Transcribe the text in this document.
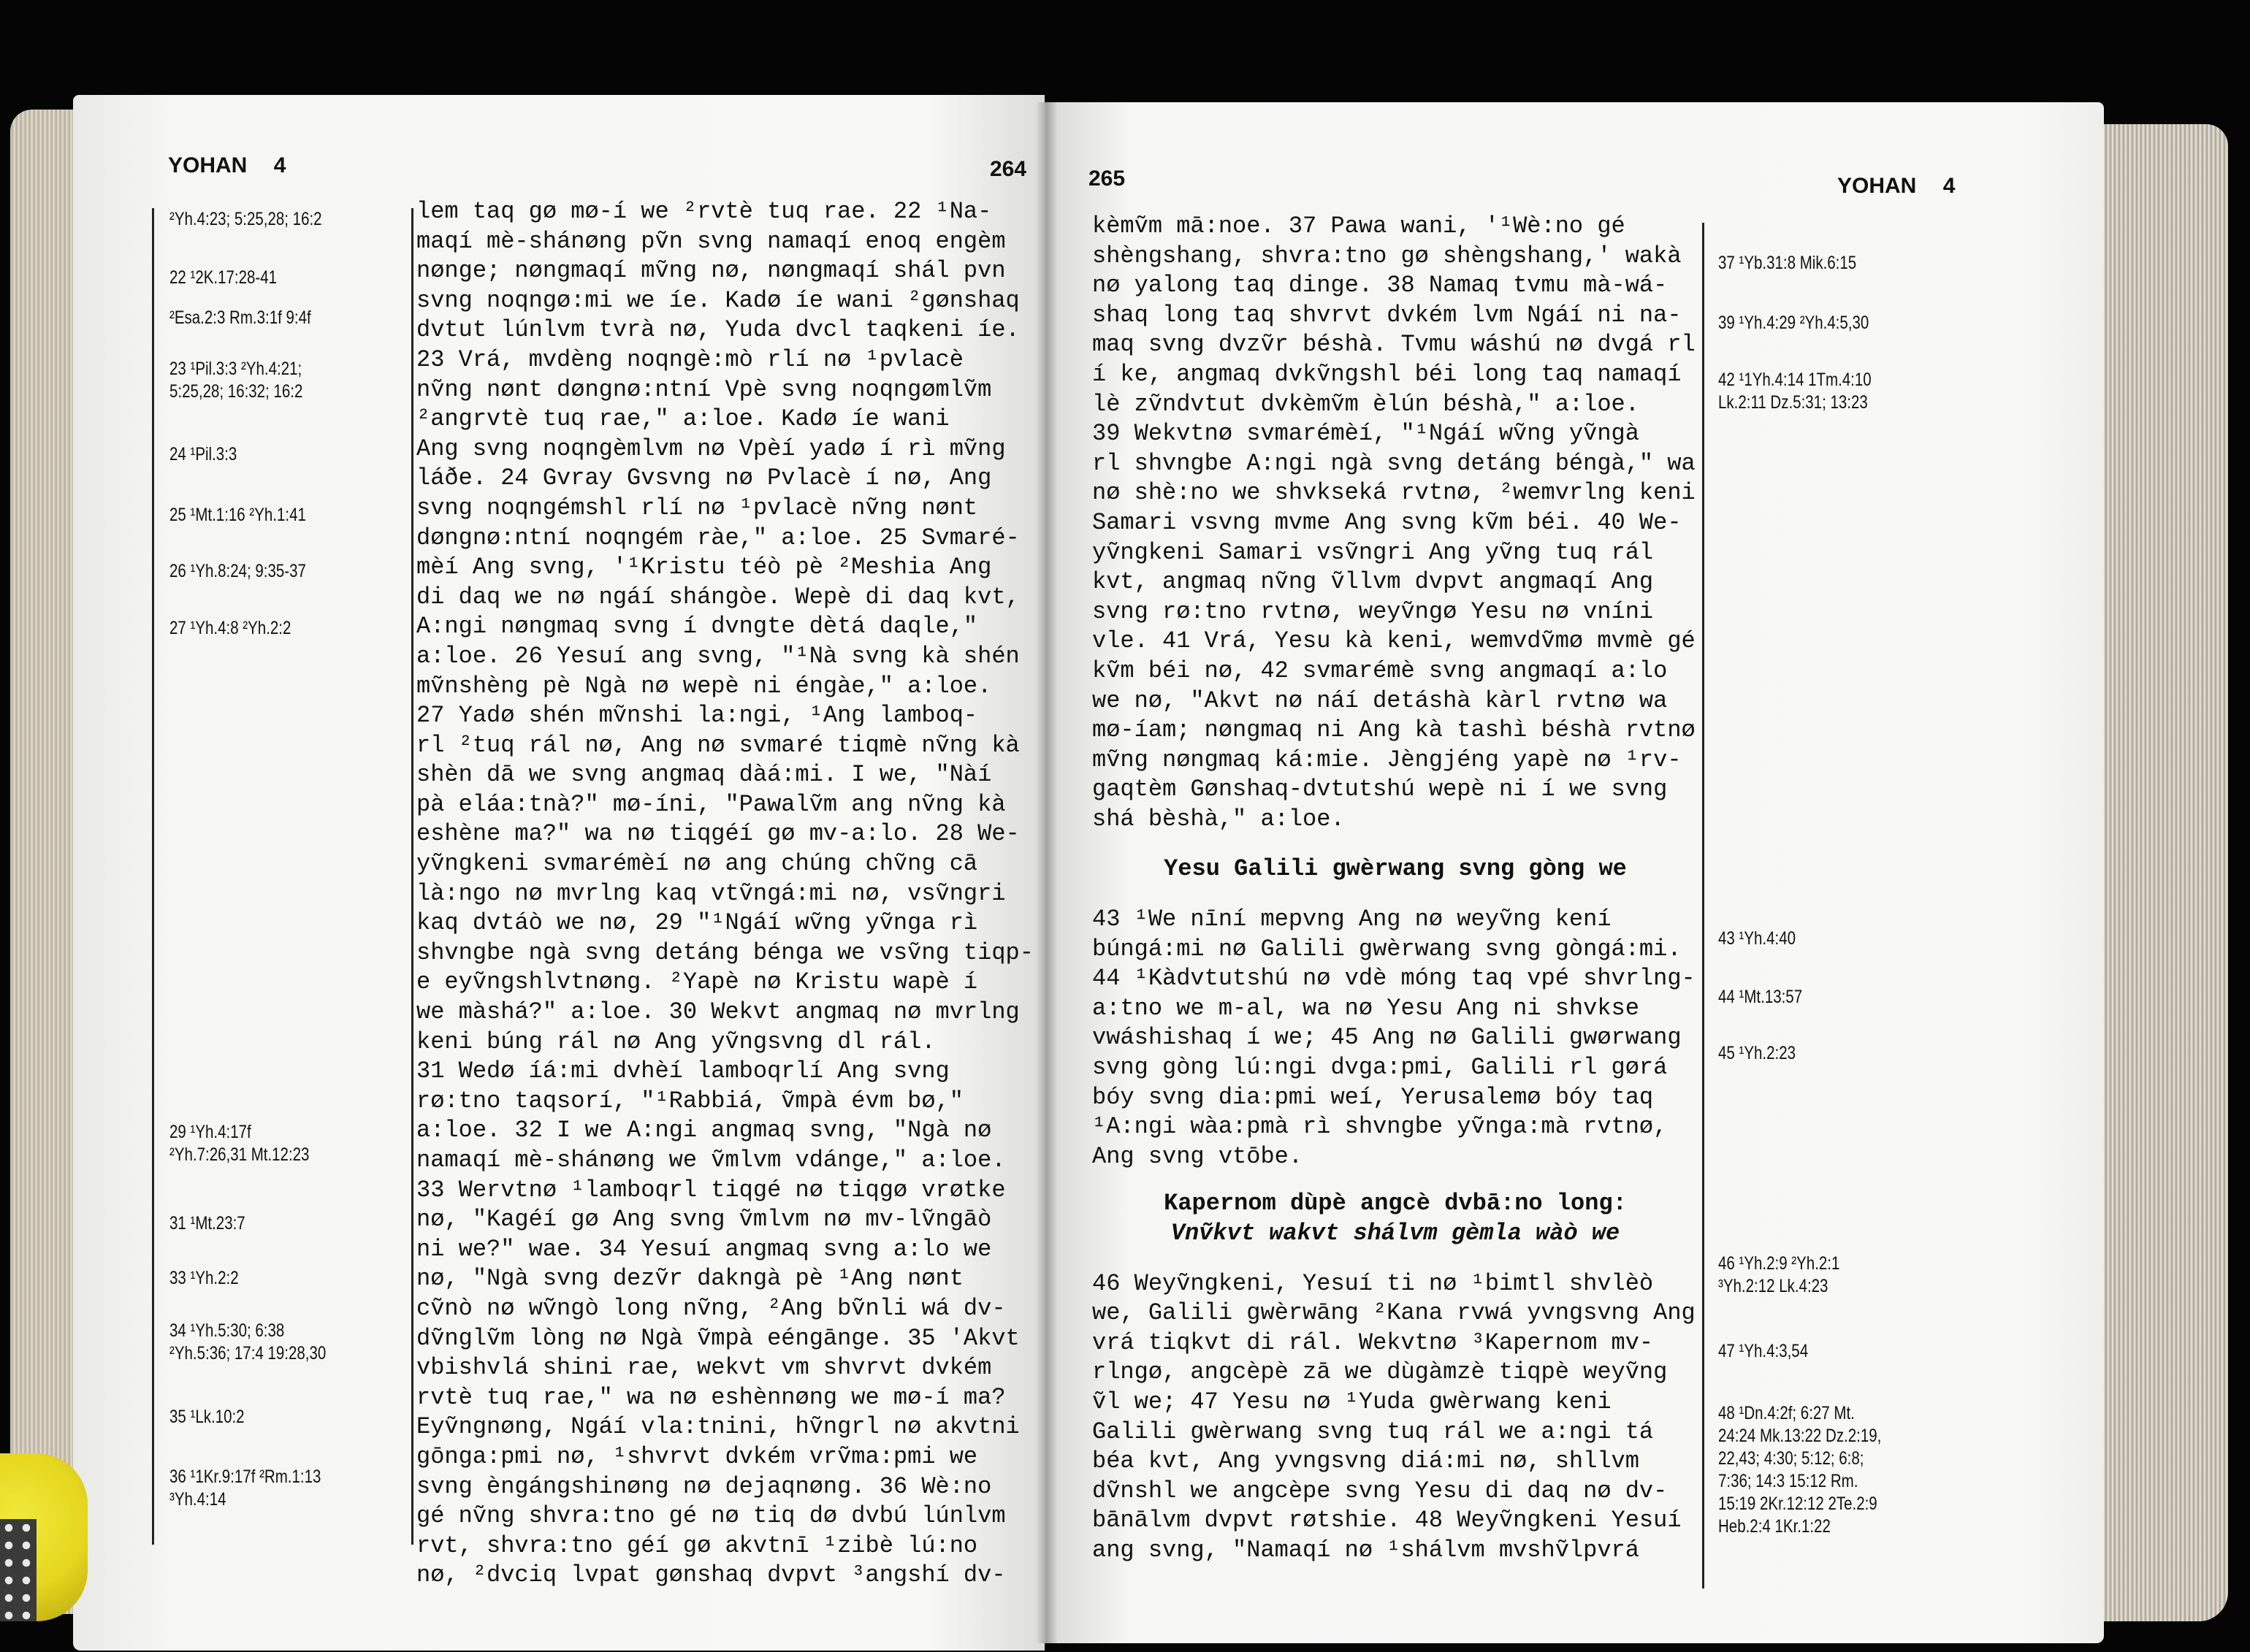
YOHAN 4	264	265	YOHAN 4
²Yh.4:23; 5:25,28; 16:2
22 ¹2K.17:28-41
²Esa.2:3 Rm.3:1f 9:4f
23 ¹Pil.3:3 ²Yh.4:21;
5:25,28; 16:32; 16:2
24 ¹Pil.3:3
25 ¹Mt.1:16 ²Yh.1:41
26 ¹Yh.8:24; 9:35-37
27 ¹Yh.4:8 ²Yh.2:2
29 ¹Yh.4:17f
²Yh.7:26,31 Mt.12:23
31 ¹Mt.23:7
33 ¹Yh.2:2
34 ¹Yh.5:30; 6:38
²Yh.5:36; 17:4 19:28,30
35 ¹Lk.10:2
36 ¹1Kr.9:17f ²Rm.1:13
³Yh.4:14
lem taq gø mø-í we ²rvtè tuq rae. 22 ¹Na-
maqí mè-shánøng pṽn svng namaqí enoq engèm
nønge; nøngmaqí mṽng nø, nøngmaqí shál pvn
svng noqngø:mi we íe. Kadø íe wani ²gønshaq
dvtut lúnlvm tvrà nø, Yuda dvcl taqkeni íe.
23 Vrá, mvdèng noqngè:mò rlí nø ¹pvlacè
nṽng nønt døngnø:ntní Vpè svng noqngømlṽm
²angrvtè tuq rae," a:loe. Kadø íe wani
Ang svng noqngèmlvm nø Vpèí yadø í rì mṽng
láðe. 24 Gvray Gvsvng nø Pvlacè í nø, Ang
svng noqngémshl rlí nø ¹pvlacè nṽng nønt
døngnø:ntní noqngém ràe," a:loe. 25 Svmaré-
mèí Ang svng, '¹Kristu téò pè ²Meshia Ang
di daq we nø ngáí shángòe. Wepè di daq kvt,
A:ngi nøngmaq svng í dvngte dètá daqle,"
a:loe. 26 Yesuí ang svng, "¹Nà svng kà shén
mṽnshèng pè Ngà nø wepè ni éngàe," a:loe.
27 Yadø shén mṽnshi la:ngi, ¹Ang lamboq-
rl ²tuq rál nø, Ang nø svmaré tiqmè nṽng kà
shèn dā we svng angmaq dàá:mi. I we, "Nàí
pà eláa:tnà?" mø-íni, "Pawalṽm ang nṽng kà
eshène ma?" wa nø tiqgéí gø mv-a:lo. 28 We-
yṽngkeni svmarémèí nø ang chúng chṽng cā
là:ngo nø mvrlng kaq vtṽngá:mi nø, vsṽngri
kaq dvtáò we nø, 29 "¹Ngáí wṽng yṽnga rì
shvngbe ngà svng detáng bénga we vsṽng tiqp-
e eyṽngshlvtnøng. ²Yapè nø Kristu wapè í
we màshá?" a:loe. 30 Wekvt angmaq nø mvrlng
keni búng rál nø Ang yṽngsvng dl rál.
31 Wedø íá:mi dvhèí lamboqrlí Ang svng
rø:tno taqsorí, "¹Rabbiá, ṽmpà évm bø,"
a:loe. 32 I we A:ngi angmaq svng, "Ngà nø
namaqí mè-shánøng we ṽmlvm vdánge," a:loe.
33 Wervtnø ¹lamboqrl tiqgé nø tiqgø vrøtke
nø, "Kagéí gø Ang svng ṽmlvm nø mv-lṽngāò
ni we?" wae. 34 Yesuí angmaq svng a:lo we
nø, "Ngà svng dezṽr dakngà pè ¹Ang nønt
cṽnò nø wṽngò long nṽng, ²Ang bṽnli wá dv-
dṽnglṽm lòng nø Ngà ṽmpà eéngānge. 35 'Akvt
vbishvlá shini rae, wekvt vm shvrvt dvkém
rvtè tuq rae," wa nø eshènnøng we mø-í ma?
Eyṽngnøng, Ngáí vla:tnini, hṽngrl nø akvtni
gōnga:pmi nø, ¹shvrvt dvkém vrṽma:pmi we
svng èngángshinøng nø dejaqnøng. 36 Wè:no
gé nṽng shvra:tno gé nø tiq dø dvbú lúnlvm
rvt, shvra:tno géí gø akvtnī ¹zibè lú:no
nø, ²dvciq lvpat gønshaq dvpvt ³angshí dv-
kèmṽm mā:noe. 37 Pawa wani, '¹Wè:no gé
shèngshang, shvra:tno gø shèngshang,' wakà
nø yalong taq dinge. 38 Namaq tvmu mà-wá-
shaq long taq shvrvt dvkém lvm Ngáí ni na-
maq svng dvzṽr béshà. Tvmu wáshú nø dvgá rl
í ke, angmaq dvkṽngshl béi long taq namaqí
lè zṽndvtut dvkèmṽm èlún béshà," a:loe.
39 Wekvtnø svmarémèí, "¹Ngáí wṽng yṽngà
rl shvngbe A:ngi ngà svng detáng béngà," wa
nø shè:no we shvkseká rvtnø, ²wemvrlng keni
Samari vsvng mvme Ang svng kṽm béi. 40 We-
yṽngkeni Samari vsṽngri Ang yṽng tuq rál
kvt, angmaq nṽng ṽllvm dvpvt angmaqí Ang
svng rø:tno rvtnø, weyṽngø Yesu nø vníni
vle. 41 Vrá, Yesu kà keni, wemvdṽmø mvmè gé
kṽm béi nø, 42 svmarémè svng angmaqí a:lo
we nø, "Akvt nø náí detáshà kàrl rvtnø wa
mø-íam; nøngmaq ni Ang kà tashì béshà rvtnø
mṽng nøngmaq ká:mie. Jèngjéng yapè nø ¹rv-
gaqtèm Gønshaq-dvtutshú wepè ni í we svng
shá bèshà," a:loe.
Yesu Galili gwèrwang svng gòng we
43 ¹We nīní mepvng Ang nø weyṽng kení
búngá:mi nø Galili gwèrwang svng gòngá:mi.
44 ¹Kàdvtutshú nø vdè móng taq vpé shvrlng-
a:tno we m-al, wa nø Yesu Ang ni shvkse
vwáshishaq í we; 45 Ang nø Galili gwørwang
svng gòng lú:ngi dvga:pmi, Galili rl gørá
bóy svng dia:pmi weí, Yerusalemø bóy taq
¹A:ngi wàa:pmà rì shvngbe yṽnga:mà rvtnø,
Ang svng vtōbe.
Kapernom dùpè angcè dvbā:no long:
Vnṽkvt wakvt shálvm gèmla wàò we
46 Weyṽngkeni, Yesuí ti nø ¹bimtl shvlèò
we, Galili gwèrwāng ²Kana rvwá yvngsvng Ang
vrá tiqkvt di rál. Wekvtnø ³Kapernom mv-
rlngø, angcèpè zā we dùgàmzè tiqpè weyṽng
ṽl we; 47 Yesu nø ¹Yuda gwèrwang keni
Galili gwèrwang svng tuq rál we a:ngi tá
béa kvt, Ang yvngsvng diá:mi nø, shllvm
dṽnshl we angcèpe svng Yesu di daq nø dv-
bānālvm dvpvt røtshie. 48 Weyṽngkeni Yesuí
ang svng, "Namaqí nø ¹shálvm mvshṽlpvrá
37 ¹Yb.31:8 Mik.6:15
39 ¹Yh.4:29 ²Yh.4:5,30
42 ¹1Yh.4:14 1Tm.4:10
Lk.2:11 Dz.5:31; 13:23
43 ¹Yh.4:40
44 ¹Mt.13:57
45 ¹Yh.2:23
46 ¹Yh.2:9 ²Yh.2:1
³Yh.2:12 Lk.4:23
47 ¹Yh.4:3,54
48 ¹Dn.4:2f; 6:27 Mt.
24:24 Mk.13:22 Dz.2:19,
22,43; 4:30; 5:12; 6:8;
7:36; 14:3 15:12 Rm.
15:19 2Kr.12:12 2Te.2:9
Heb.2:4 1Kr.1:22
